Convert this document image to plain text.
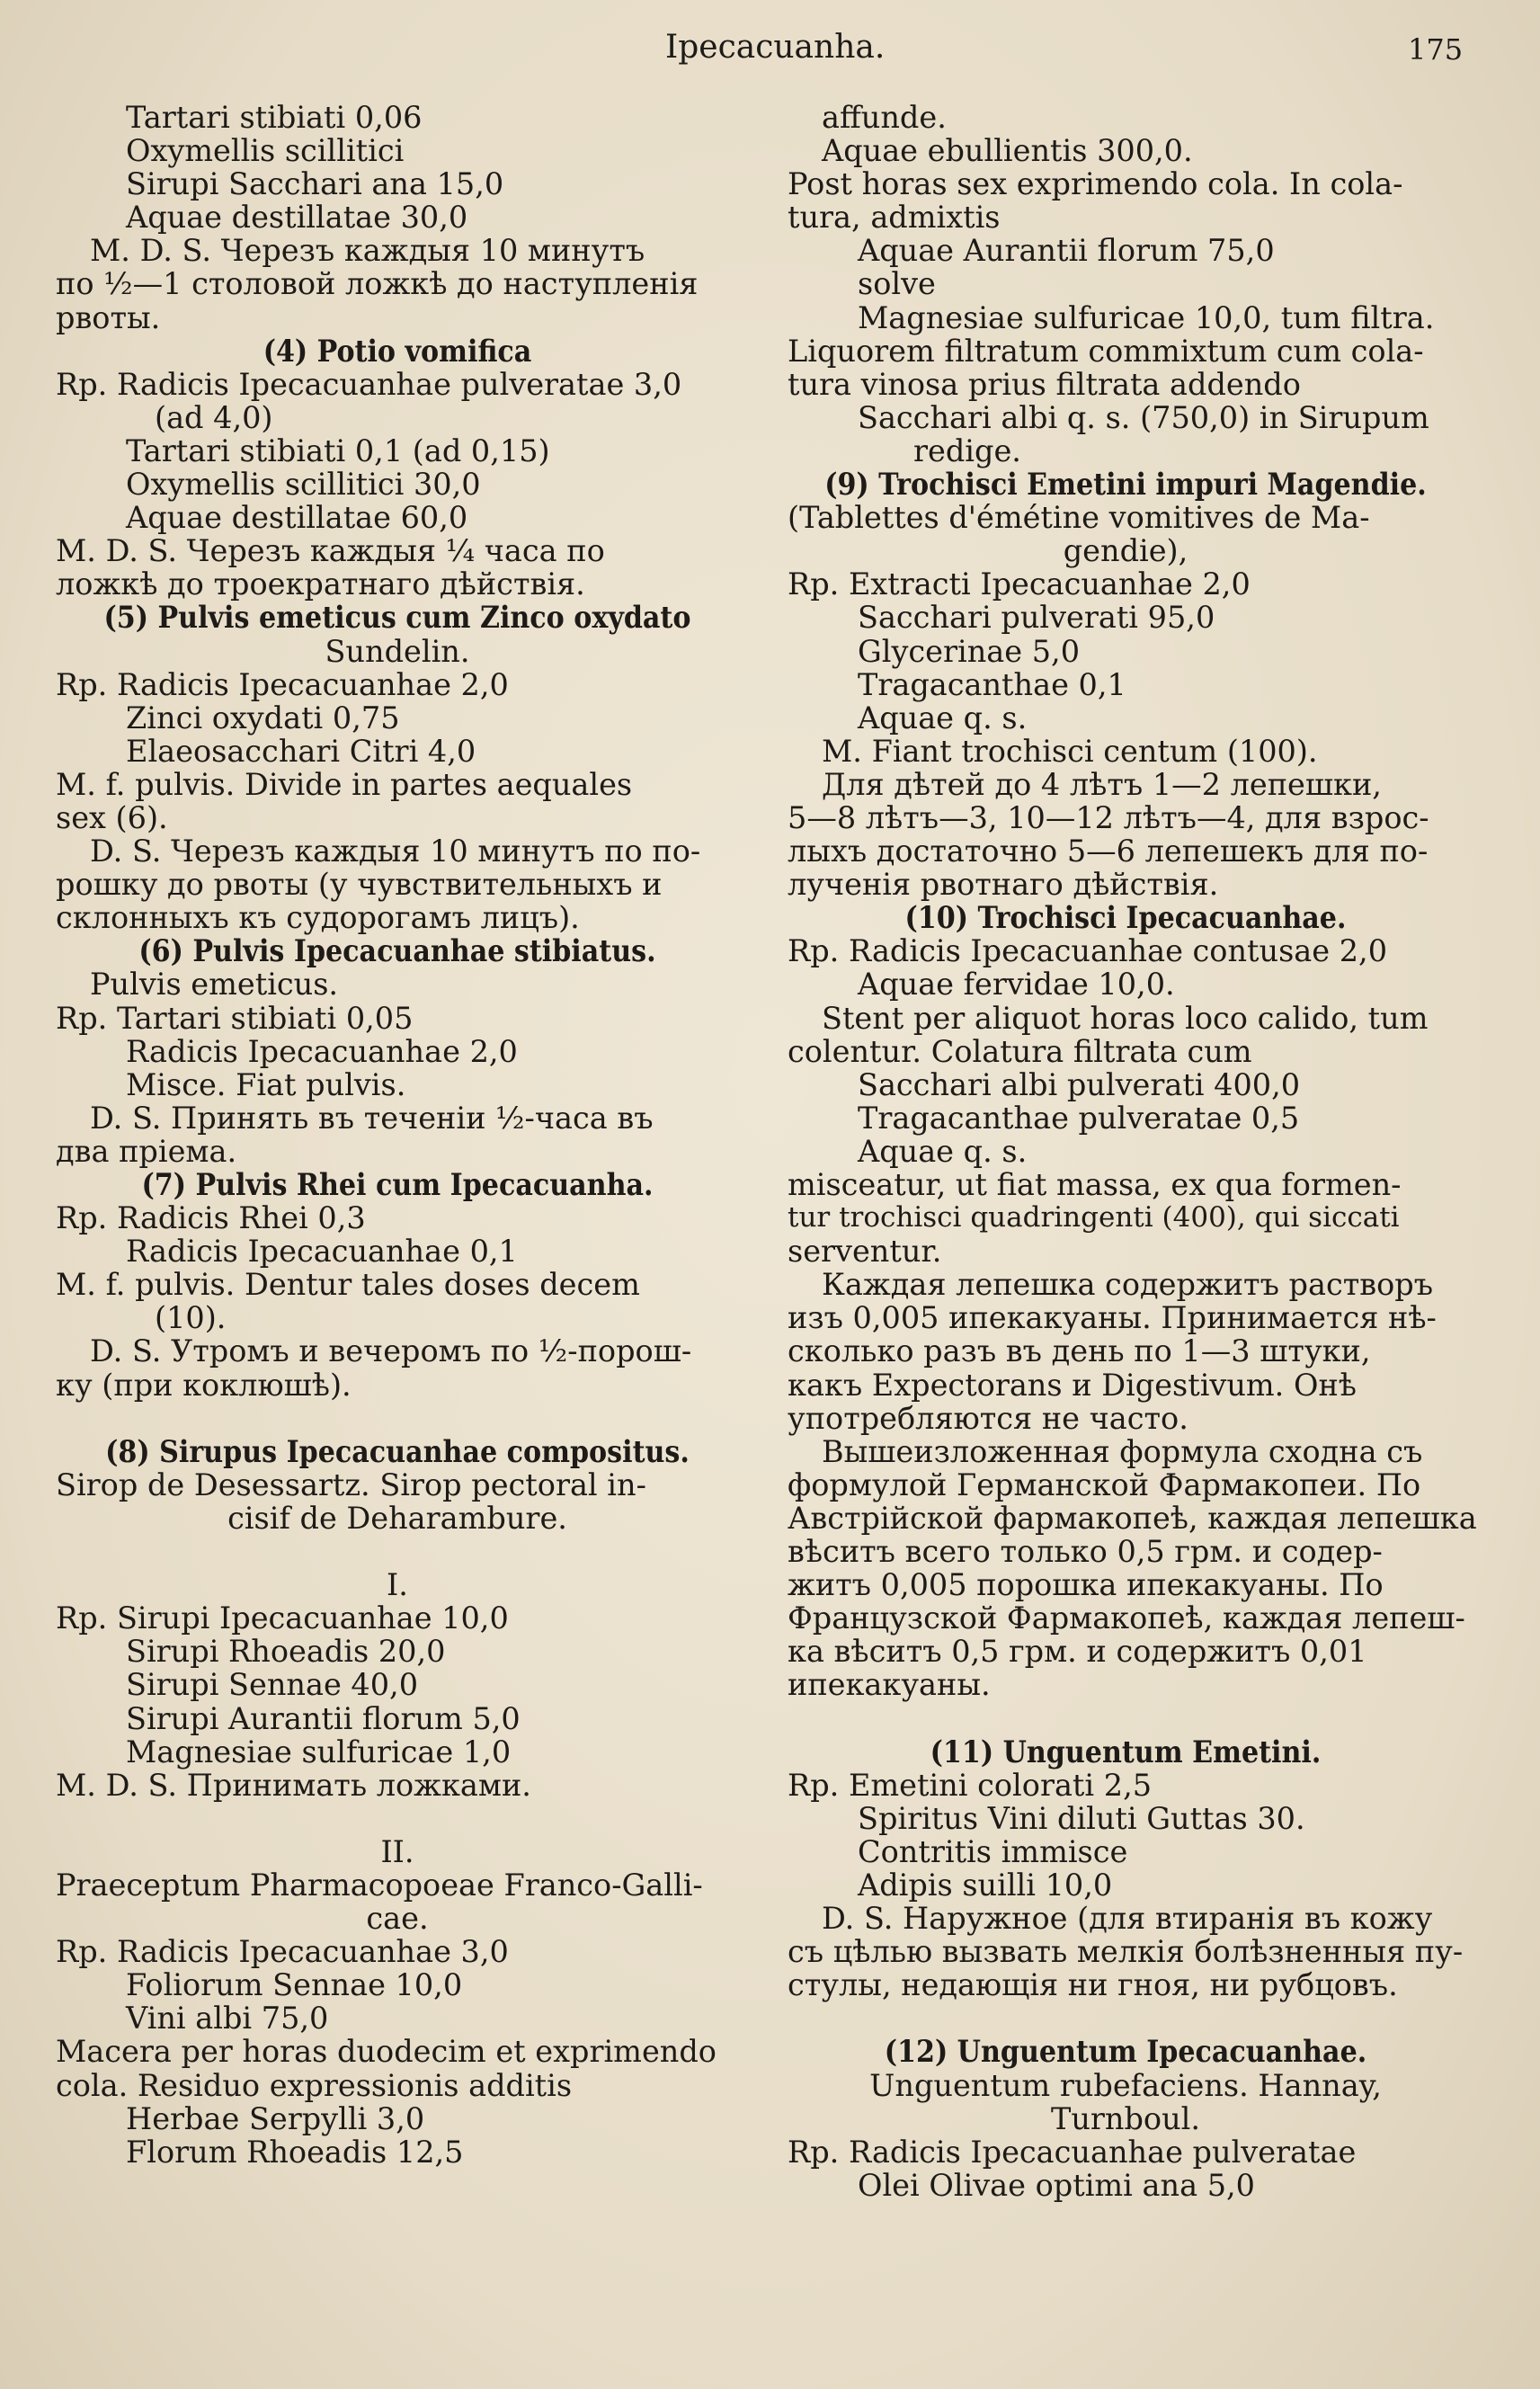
Ipecacuanha.	175
Tartari stibiati 0,06
Oxymellis scillitici
Sirupi Sacchari ana 15,0
Aquae destillatae 30,0
M. D. S. Черезъ каждыя 10 минутъ
по ½—1 столовой ложкѣ до наступленія
рвоты.
(4) Potio vomifica
Rp. Radicis Ipecacuanhae pulveratae 3,0
(ad 4,0)
Tartari stibiati 0,1 (ad 0,15)
Oxymellis scillitici 30,0
Aquae destillatae 60,0
M. D. S. Черезъ каждыя ¼ часа по
ложкѣ до троекратнаго дѣйствія.
(5) Pulvis emeticus cum Zinco oxydato
Sundelin.
Rp. Radicis Ipecacuanhae 2,0
Zinci oxydati 0,75
Elaeosacchari Citri 4,0
M. f. pulvis. Divide in partes aequales
sex (6).
D. S. Черезъ каждыя 10 минутъ по по-
рошку до рвоты (у чувствительныхъ и
склонныхъ къ судорогамъ лицъ).
(6) Pulvis Ipecacuanhae stibiatus.
Pulvis emeticus.
Rp. Tartari stibiati 0,05
Radicis Ipecacuanhae 2,0
Misce. Fiat pulvis.
D. S. Принять въ теченіи ½-часа въ
два пріема.
(7) Pulvis Rhei cum Ipecacuanha.
Rp. Radicis Rhei 0,3
Radicis Ipecacuanhae 0,1
M. f. pulvis. Dentur tales doses decem
(10).
D. S. Утромъ и вечеромъ по ½-порош-
ку (при коклюшѣ).
(8) Sirupus Ipecacuanhae compositus.
Sirop de Desessartz. Sirop pectoral in-
cisif de Deharambure.
I.
Rp. Sirupi Ipecacuanhae 10,0
Sirupi Rhoeadis 20,0
Sirupi Sennae 40,0
Sirupi Aurantii florum 5,0
Magnesiae sulfuricae 1,0
M. D. S. Принимать ложками.
II.
Praeceptum Pharmacopoeae Franco-Galli-
cae.
Rp. Radicis Ipecacuanhae 3,0
Foliorum Sennae 10,0
Vini albi 75,0
Macera per horas duodecim et exprimendo
cola. Residuo expressionis additis
Herbae Serpylli 3,0
Florum Rhoeadis 12,5
affunde.
Aquae ebullientis 300,0.
Post horas sex exprimendo cola. In cola-
tura, admixtis
Aquae Aurantii florum 75,0
solve
Magnesiae sulfuricae 10,0, tum filtra.
Liquorem filtratum commixtum cum cola-
tura vinosa prius filtrata addendo
Sacchari albi q. s. (750,0) in Sirupum
redige.
(9) Trochisci Emetini impuri Magendie.
(Tablettes d'émétine vomitives de Ma-
gendie),
Rp. Extracti Ipecacuanhae 2,0
Sacchari pulverati 95,0
Glycerinae 5,0
Tragacanthae 0,1
Aquae q. s.
M. Fiant trochisci centum (100).
Для дѣтей до 4 лѣтъ 1—2 лепешки,
5—8 лѣтъ—3, 10—12 лѣтъ—4, для взрос-
лыхъ достаточно 5—6 лепешекъ для по-
лученія рвотнаго дѣйствія.
(10) Trochisci Ipecacuanhae.
Rp. Radicis Ipecacuanhae contusae 2,0
Aquae fervidae 10,0.
Stent per aliquot horas loco calido, tum
colentur. Colatura filtrata cum
Sacchari albi pulverati 400,0
Tragacanthae pulveratae 0,5
Aquae q. s.
misceatur, ut fiat massa, ex qua formen-
tur trochisci quadringenti (400), qui siccati
serventur.
Каждая лепешка содержитъ растворъ
изъ 0,005 ипекакуаны. Принимается нѣ-
сколько разъ въ день по 1—3 штуки,
какъ Expectorans и Digestivum. Онѣ
употребляются не часто.
Вышеизложенная формула сходна съ
формулой Германской Фармакопеи. По
Австрійской фармакопеѣ, каждая лепешка
вѣситъ всего только 0,5 грм. и содер-
житъ 0,005 порошка ипекакуаны. По
Французской Фармакопеѣ, каждая лепеш-
ка вѣситъ 0,5 грм. и содержитъ 0,01
ипекакуаны.
(11) Unguentum Emetini.
Rp. Emetini colorati 2,5
Spiritus Vini diluti Guttas 30.
Contritis immisce
Adipis suilli 10,0
D. S. Наружное (для втиранія въ кожу
съ цѣлью вызвать мелкія болѣзненныя пу-
стулы, недающія ни гноя, ни рубцовъ.
(12) Unguentum Ipecacuanhae.
Unguentum rubefaciens. Hannay,
Turnboul.
Rp. Radicis Ipecacuanhae pulveratae
Olei Olivae optimi ana 5,0
